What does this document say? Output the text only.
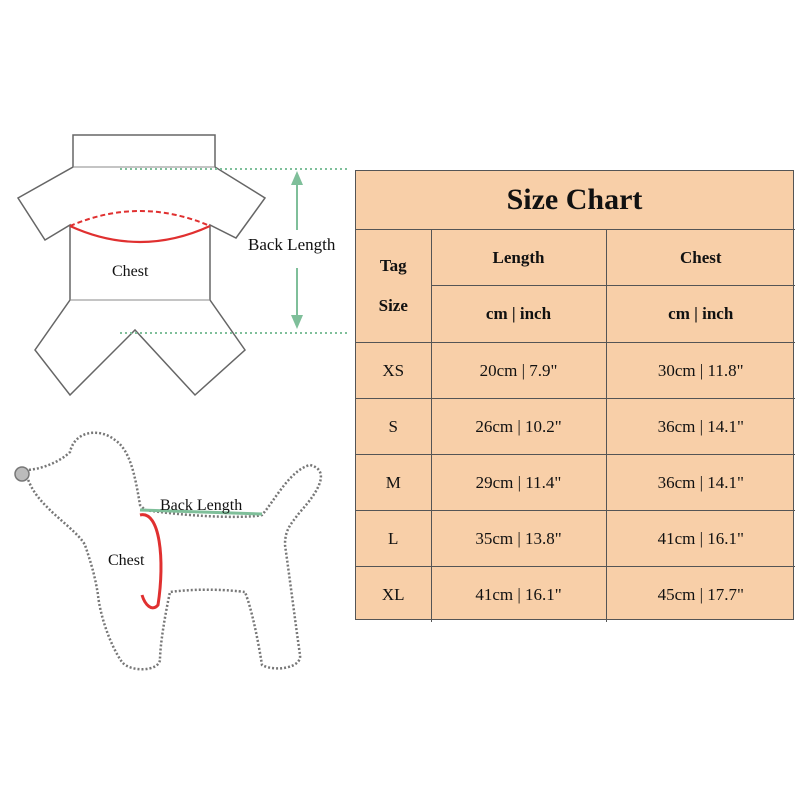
Chest
Back Length
Back Length
Chest
Size Chart
Tag
Size	Length	Chest
	cm | inch	cm | inch
XS	20cm | 7.9"	30cm | 11.8"
S	26cm | 10.2"	36cm | 14.1"
M	29cm | 11.4"	36cm | 14.1"
L	35cm | 13.8"	41cm | 16.1"
XL	41cm | 16.1"	45cm | 17.7"
